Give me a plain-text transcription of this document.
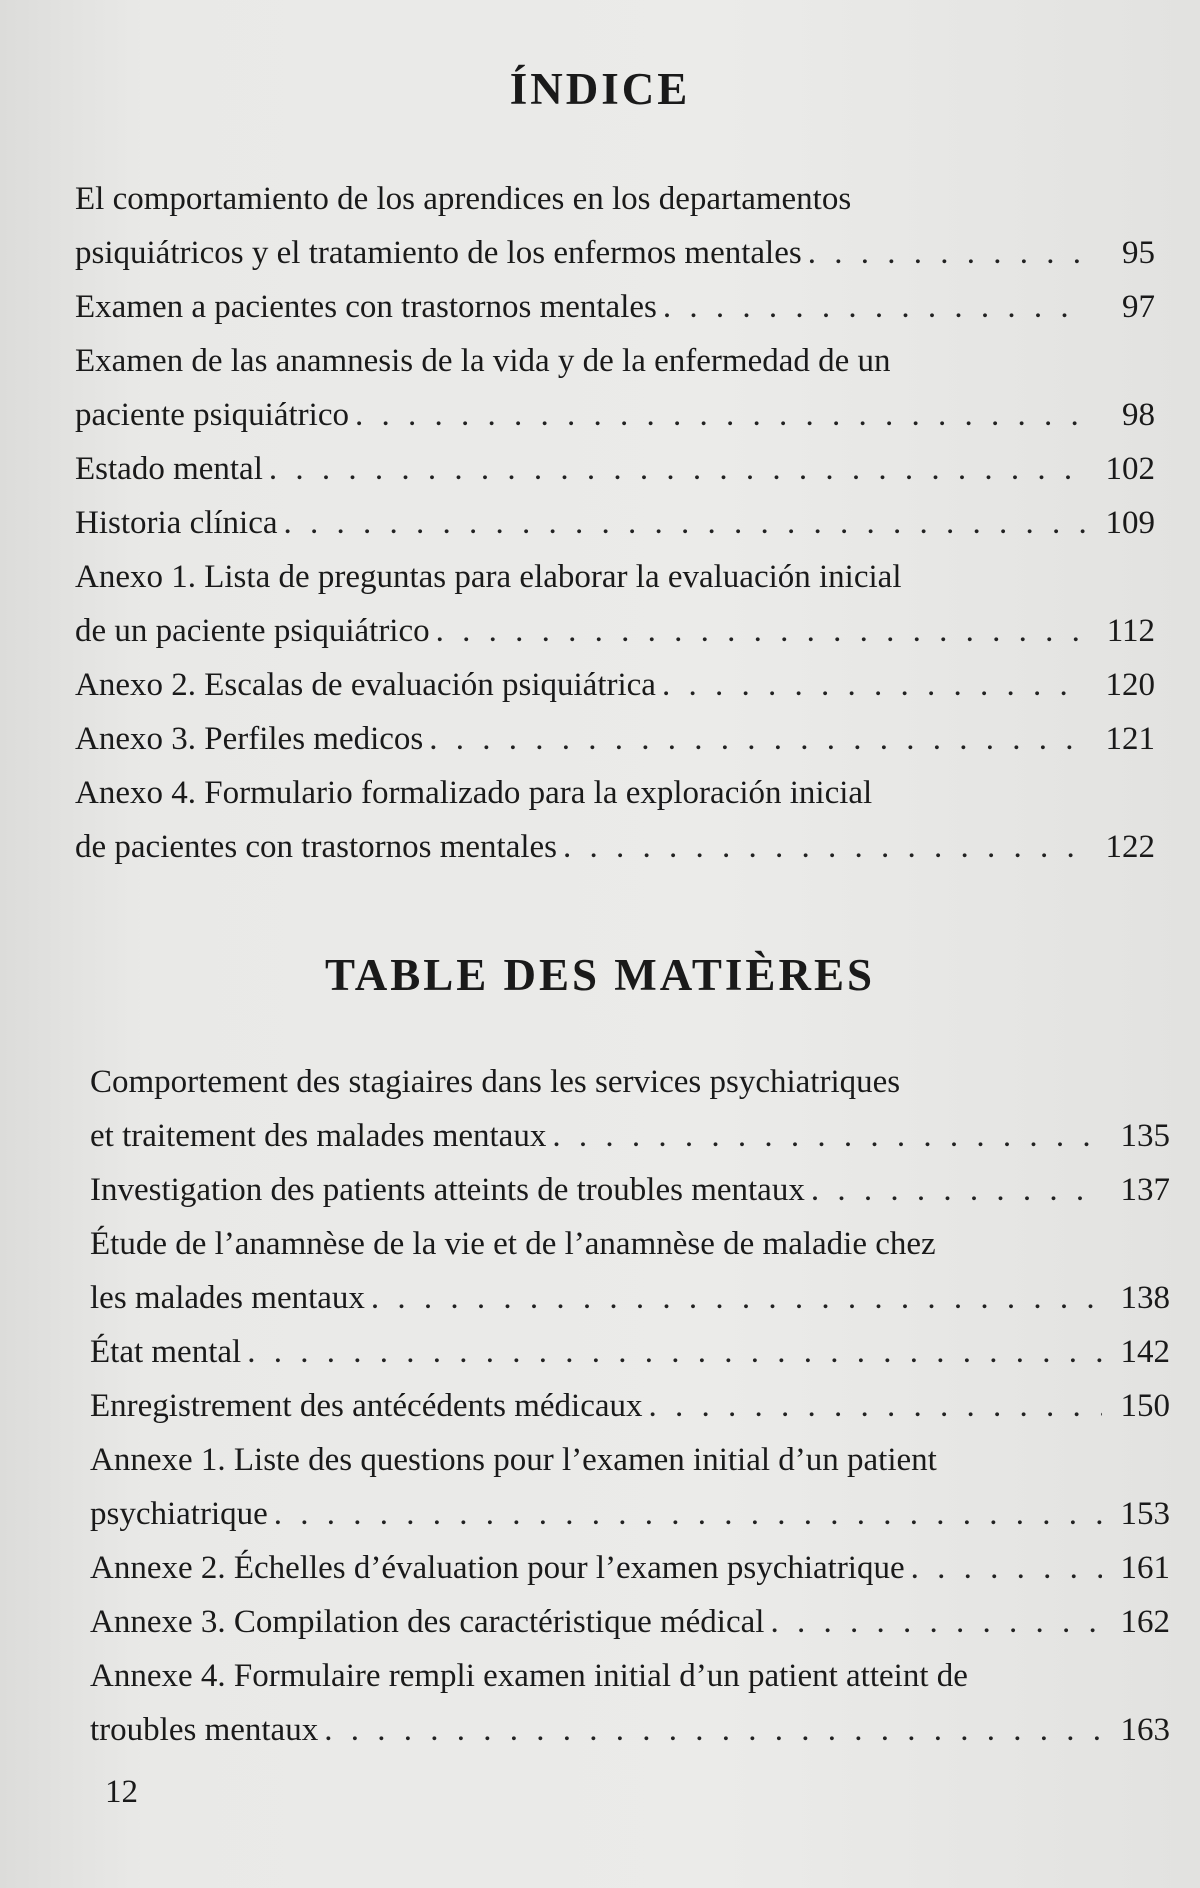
ÍNDICE
El comportamiento de los aprendices en los departamentos
psiquiátricos y el tratamiento de los enfermos mentales . . .	95
Examen a pacientes con trastornos mentales . . .	97
Examen de las anamnesis de la vida y de la enfermedad de un
paciente psiquiátrico . . .	98
Estado mental . . .	102
Historia clínica . . .	109
Anexo 1. Lista de preguntas para elaborar la evaluación inicial
de un paciente psiquiátrico . . .	112
Anexo 2. Escalas de evaluación psiquiátrica . . .	120
Anexo 3. Perfiles medicos . . .	121
Anexo 4. Formulario formalizado para la exploración inicial
de pacientes con trastornos mentales . . .	122
TABLE DES MATIÈRES
Comportement des stagiaires dans les services psychiatriques
et traitement des malades mentaux . . .	135
Investigation des patients atteints de troubles mentaux . . .	137
Étude de l’anamnèse de la vie et de l’anamnèse de maladie chez
les malades mentaux . . .	138
État mental . . .	142
Enregistrement des antécédents médicaux . . .	150
Annexe 1. Liste des questions pour l’examen initial d’un patient
psychiatrique . . .	153
Annexe 2. Échelles d’évaluation pour l’examen psychiatrique . . .	161
Annexe 3. Compilation des caractéristique médical . . .	162
Annexe 4. Formulaire rempli examen initial d’un patient atteint de
troubles mentaux . . .	163
12
